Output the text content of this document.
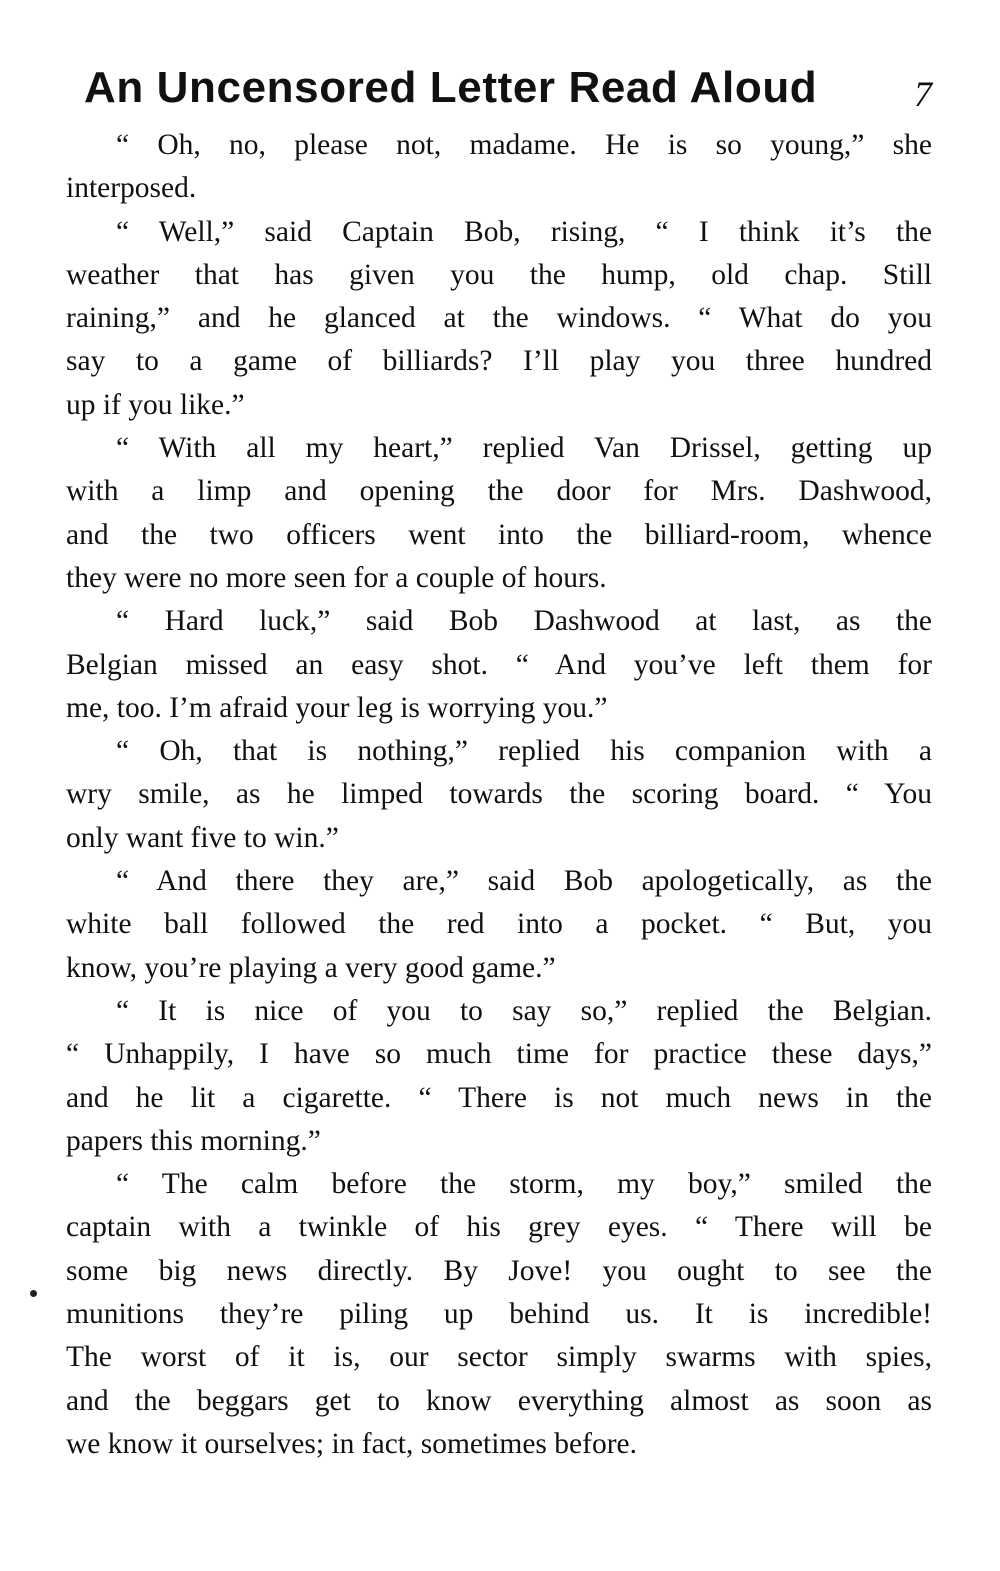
An Uncensored Letter Read Aloud	7
“ Oh, no, please not, madame. He is so young,” she
interposed.
“ Well,” said Captain Bob, rising, “ I think it’s the
weather that has given you the hump, old chap. Still
raining,” and he glanced at the windows. “ What do you
say to a game of billiards? I’ll play you three hundred
up if you like.”
“ With all my heart,” replied Van Drissel, getting up
with a limp and opening the door for Mrs. Dashwood,
and the two officers went into the billiard-room, whence
they were no more seen for a couple of hours.
“ Hard luck,” said Bob Dashwood at last, as the
Belgian missed an easy shot. “ And you’ve left them for
me, too. I’m afraid your leg is worrying you.”
“ Oh, that is nothing,” replied his companion with a
wry smile, as he limped towards the scoring board. “ You
only want five to win.”
“ And there they are,” said Bob apologetically, as the
white ball followed the red into a pocket. “ But, you
know, you’re playing a very good game.”
“ It is nice of you to say so,” replied the Belgian.
“ Unhappily, I have so much time for practice these days,”
and he lit a cigarette. “ There is not much news in the
papers this morning.”
“ The calm before the storm, my boy,” smiled the
captain with a twinkle of his grey eyes. “ There will be
some big news directly. By Jove! you ought to see the
munitions they’re piling up behind us. It is incredible!
The worst of it is, our sector simply swarms with spies,
and the beggars get to know everything almost as soon as
we know it ourselves; in fact, sometimes before.
